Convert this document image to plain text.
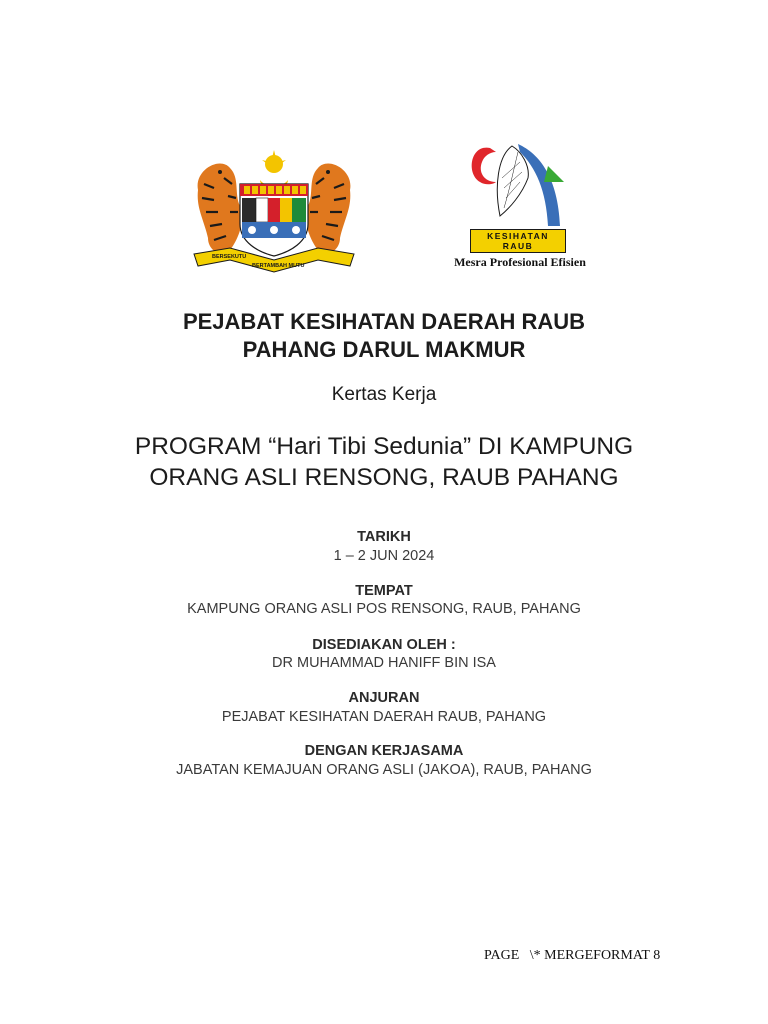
BERSEKUTU
BERTAMBAH MUTU
KESIHATAN
RAUB
Mesra Profesional Efisien
PEJABAT KESIHATAN DAERAH RAUB
PAHANG DARUL MAKMUR
Kertas Kerja
PROGRAM “Hari Tibi Sedunia” DI KAMPUNG
ORANG ASLI RENSONG, RAUB PAHANG
TARIKH
1 – 2 JUN 2024
TEMPAT
KAMPUNG ORANG ASLI POS RENSONG, RAUB, PAHANG
DISEDIAKAN OLEH :
DR MUHAMMAD HANIFF BIN ISA
ANJURAN
PEJABAT KESIHATAN DAERAH RAUB, PAHANG
DENGAN KERJASAMA
JABATAN KEMAJUAN ORANG ASLI (JAKOA), RAUB, PAHANG
PAGE   \* MERGEFORMAT 8
